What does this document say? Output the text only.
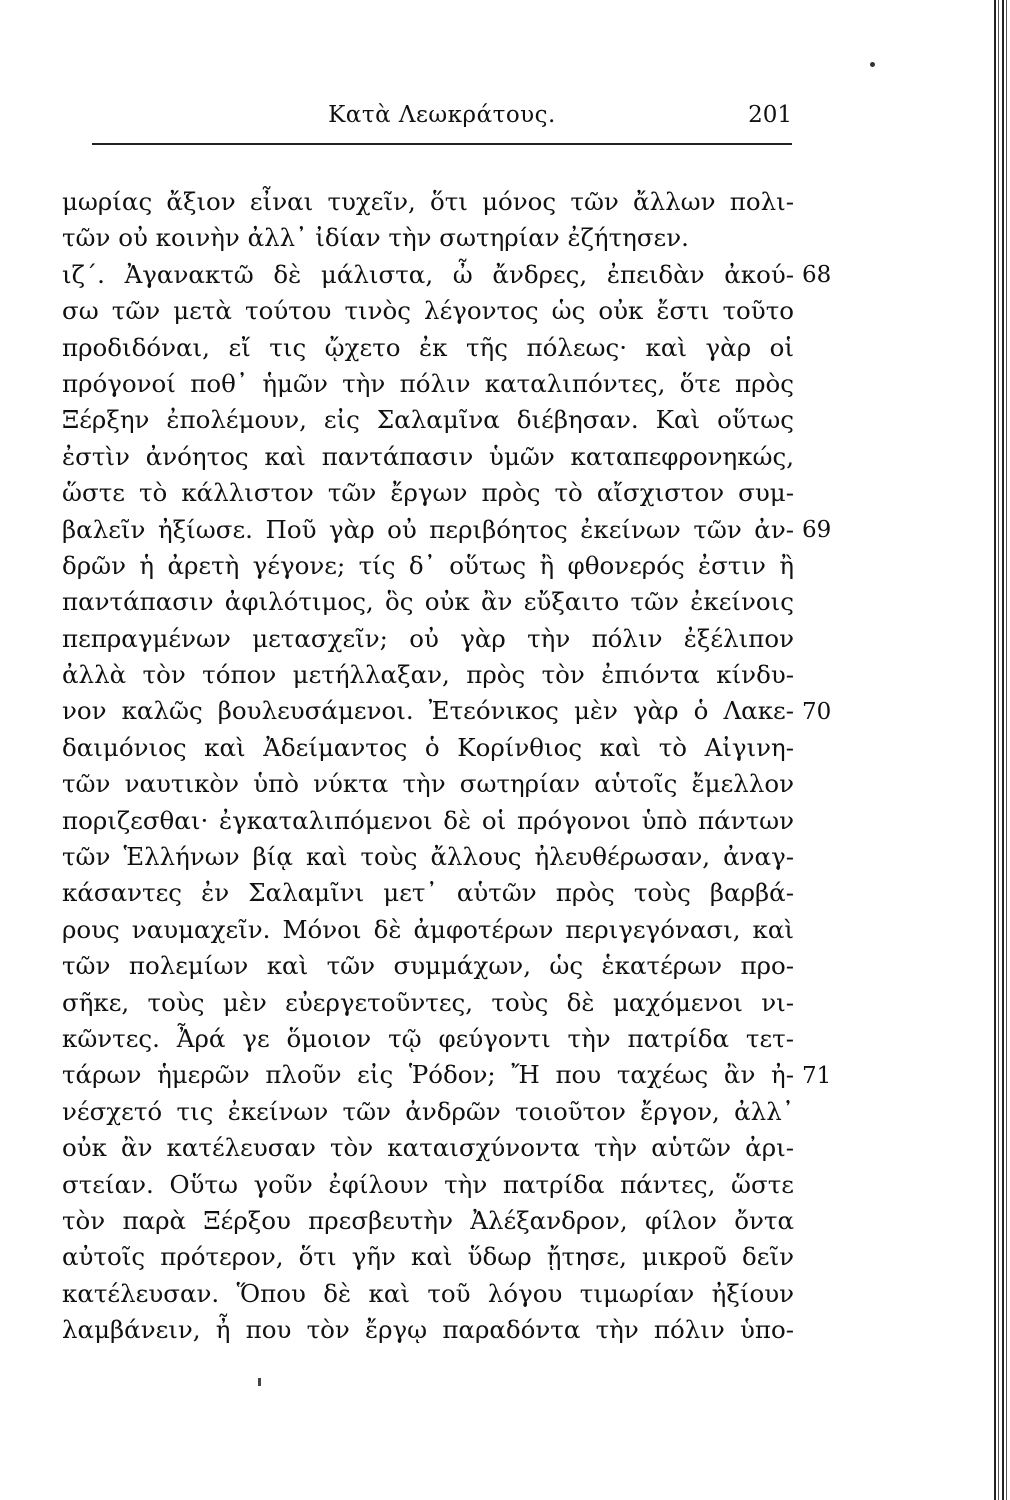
Κατὰ Λεωκράτους.	201
μωρίας ἄξιον εἶναι τυχεῖν, ὅτι μόνος τῶν ἄλλων πολι-
τῶν οὐ κοινὴν ἀλλ᾽ ἰδίαν τὴν σωτηρίαν ἐζήτησεν.
ιζ΄. Ἀγανακτῶ δὲ μάλιστα, ὦ ἄνδρες, ἐπειδὰν ἀκού-
σω τῶν μετὰ τούτου τινὸς λέγοντος ὡς οὐκ ἔστι τοῦτο
προδιδόναι, εἴ τις ᾤχετο ἐκ τῆς πόλεως· καὶ γὰρ οἱ
πρόγονοί ποθ᾽ ἡμῶν τὴν πόλιν καταλιπόντες, ὅτε πρὸς
Ξέρξην ἐπολέμουν, εἰς Σαλαμῖνα διέβησαν. Καὶ οὕτως
ἐστὶν ἀνόητος καὶ παντάπασιν ὑμῶν καταπεφρονηκώς,
ὥστε τὸ κάλλιστον τῶν ἔργων πρὸς τὸ αἴσχιστον συμ-
βαλεῖν ἠξίωσε. Ποῦ γὰρ οὐ περιβόητος ἐκείνων τῶν ἀν-
δρῶν ἡ ἀρετὴ γέγονε; τίς δ᾽ οὕτως ἢ φθονερός ἐστιν ἢ
παντάπασιν ἀφιλότιμος, ὃς οὐκ ἂν εὔξαιτο τῶν ἐκείνοις
πεπραγμένων μετασχεῖν; οὐ γὰρ τὴν πόλιν ἐξέλιπον
ἀλλὰ τὸν τόπον μετήλλαξαν, πρὸς τὸν ἐπιόντα κίνδυ-
νον καλῶς βουλευσάμενοι. Ἐτεόνικος μὲν γὰρ ὁ Λακε-
δαιμόνιος καὶ Ἀδείμαντος ὁ Κορίνθιος καὶ τὸ Αἰγινη-
τῶν ναυτικὸν ὑπὸ νύκτα τὴν σωτηρίαν αὑτοῖς ἔμελλον
ποριζεσθαι· ἐγκαταλιπόμενοι δὲ οἱ πρόγονοι ὑπὸ πάντων
τῶν Ἑλλήνων βίᾳ καὶ τοὺς ἄλλους ἠλευθέρωσαν, ἀναγ-
κάσαντες ἐν Σαλαμῖνι μετ᾽ αὑτῶν πρὸς τοὺς βαρβά-
ρους ναυμαχεῖν. Μόνοι δὲ ἀμφοτέρων περιγεγόνασι, καὶ
τῶν πολεμίων καὶ τῶν συμμάχων, ὡς ἑκατέρων προ-
σῆκε, τοὺς μὲν εὐεργετοῦντες, τοὺς δὲ μαχόμενοι νι-
κῶντες. Ἆρά γε ὅμοιον τῷ φεύγοντι τὴν πατρίδα τετ-
τάρων ἡμερῶν πλοῦν εἰς Ῥόδον; Ἤ που ταχέως ἂν ἠ-
νέσχετό τις ἐκείνων τῶν ἀνδρῶν τοιοῦτον ἔργον, ἀλλ᾽
οὐκ ἂν κατέλευσαν τὸν καταισχύνοντα τὴν αὑτῶν ἀρι-
στείαν. Οὕτω γοῦν ἐφίλουν τὴν πατρίδα πάντες, ὥστε
τὸν παρὰ Ξέρξου πρεσβευτὴν Ἀλέξανδρον, φίλον ὄντα
αὐτοῖς πρότερον, ὅτι γῆν καὶ ὕδωρ ᾔτησε, μικροῦ δεῖν
κατέλευσαν. Ὅπου δὲ καὶ τοῦ λόγου τιμωρίαν ἠξίουν
λαμβάνειν, ἦ που τὸν ἔργῳ παραδόντα τὴν πόλιν ὑπο-
68
69
70
71
